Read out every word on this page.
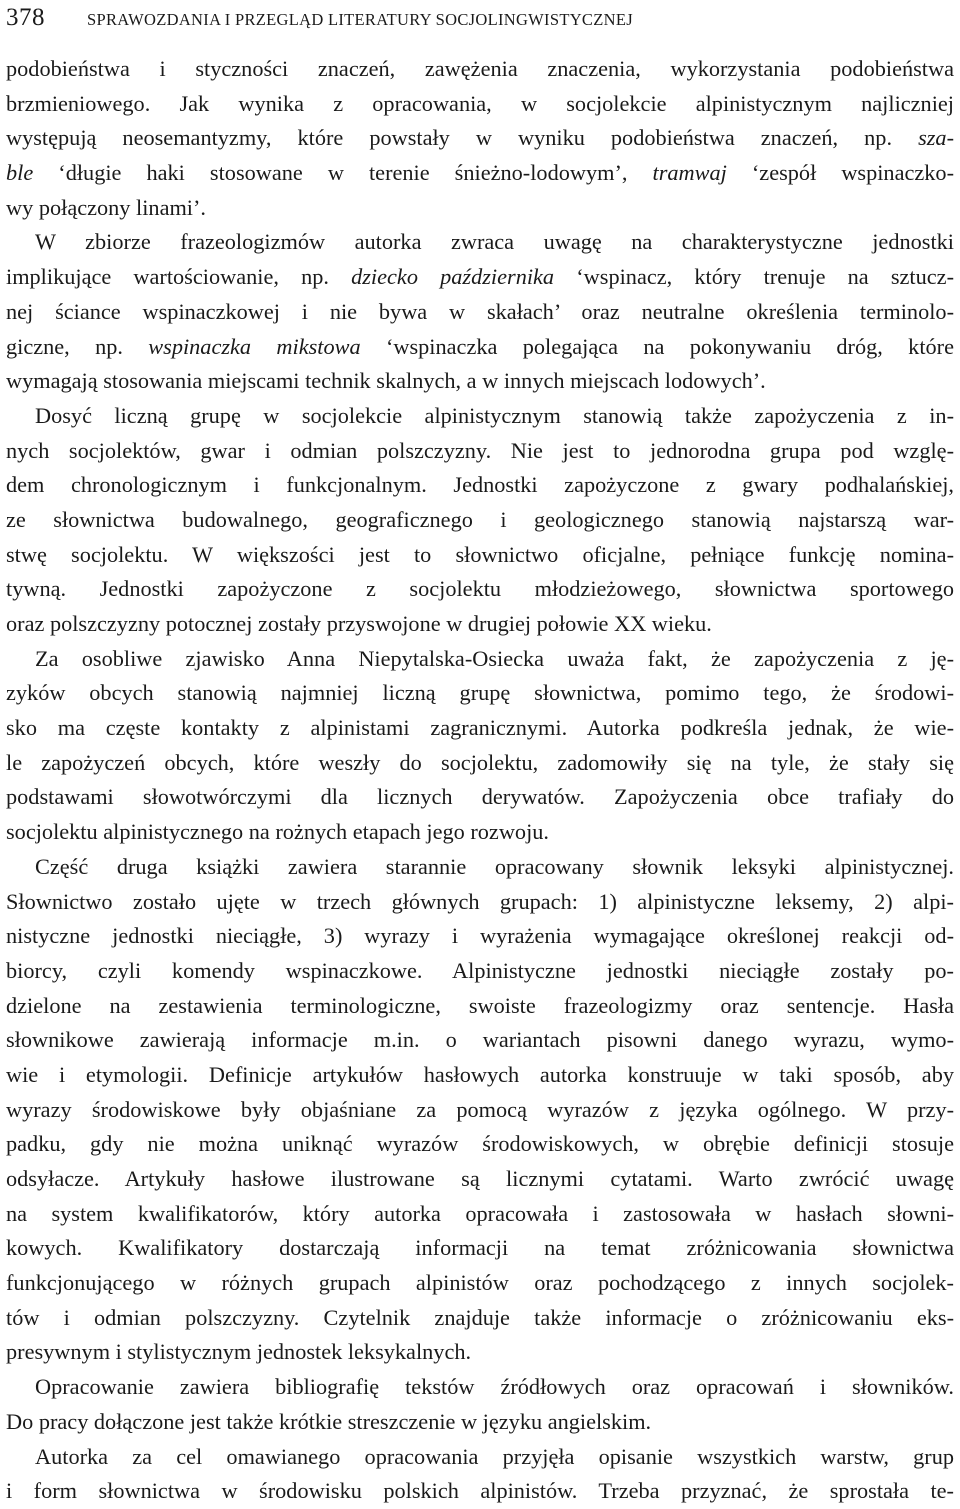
378	SPRAWOZDANIA I PRZEGLĄD LITERATURY SOCJOLINGWISTYCZNEJ
podobieństwa i styczności znaczeń, zawężenia znaczenia, wykorzystania podobieństwa
brzmieniowego. Jak wynika z opracowania, w socjolekcie alpinistycznym najliczniej
występują neosemantyzmy, które powstały w wyniku podobieństwa znaczeń, np. sza-
ble ‘długie haki stosowane w terenie śnieżno-lodowym’, tramwaj ‘zespół wspinaczko-
wy połączony linami’.
W zbiorze frazeologizmów autorka zwraca uwagę na charakterystyczne jednostki
implikujące wartościowanie, np. dziecko października ‘wspinacz, który trenuje na sztucz-
nej ściance wspinaczkowej i nie bywa w skałach’ oraz neutralne określenia terminolo-
giczne, np. wspinaczka mikstowa ‘wspinaczka polegająca na pokonywaniu dróg, które
wymagają stosowania miejscami technik skalnych, a w innych miejscach lodowych’.
Dosyć liczną grupę w socjolekcie alpinistycznym stanowią także zapożyczenia z in-
nych socjolektów, gwar i odmian polszczyzny. Nie jest to jednorodna grupa pod wzglę-
dem chronologicznym i funkcjonalnym. Jednostki zapożyczone z gwary podhalańskiej,
ze słownictwa budowalnego, geograficznego i geologicznego stanowią najstarszą war-
stwę socjolektu. W większości jest to słownictwo oficjalne, pełniące funkcję nomina-
tywną. Jednostki zapożyczone z socjolektu młodzieżowego, słownictwa sportowego
oraz polszczyzny potocznej zostały przyswojone w drugiej połowie XX wieku.
Za osobliwe zjawisko Anna Niepytalska-Osiecka uważa fakt, że zapożyczenia z ję-
zyków obcych stanowią najmniej liczną grupę słownictwa, pomimo tego, że środowi-
sko ma częste kontakty z alpinistami zagranicznymi. Autorka podkreśla jednak, że wie-
le zapożyczeń obcych, które weszły do socjolektu, zadomowiły się na tyle, że stały się
podstawami słowotwórczymi dla licznych derywatów. Zapożyczenia obce trafiały do
socjolektu alpinistycznego na rożnych etapach jego rozwoju.
Część druga książki zawiera starannie opracowany słownik leksyki alpinistycznej.
Słownictwo zostało ujęte w trzech głównych grupach: 1) alpinistyczne leksemy, 2) alpi-
nistyczne jednostki nieciągłe, 3) wyrazy i wyrażenia wymagające określonej reakcji od-
biorcy, czyli komendy wspinaczkowe. Alpinistyczne jednostki nieciągłe zostały po-
dzielone na zestawienia terminologiczne, swoiste frazeologizmy oraz sentencje. Hasła
słownikowe zawierają informacje m.in. o wariantach pisowni danego wyrazu, wymo-
wie i etymologii. Definicje artykułów hasłowych autorka konstruuje w taki sposób, aby
wyrazy środowiskowe były objaśniane za pomocą wyrazów z języka ogólnego. W przy-
padku, gdy nie można uniknąć wyrazów środowiskowych, w obrębie definicji stosuje
odsyłacze. Artykuły hasłowe ilustrowane są licznymi cytatami. Warto zwrócić uwagę
na system kwalifikatorów, który autorka opracowała i zastosowała w hasłach słowni-
kowych. Kwalifikatory dostarczają informacji na temat zróżnicowania słownictwa
funkcjonującego w różnych grupach alpinistów oraz pochodzącego z innych socjolek-
tów i odmian polszczyzny. Czytelnik znajduje także informacje o zróżnicowaniu eks-
presywnym i stylistycznym jednostek leksykalnych.
Opracowanie zawiera bibliografię tekstów źródłowych oraz opracowań i słowników.
Do pracy dołączone jest także krótkie streszczenie w języku angielskim.
Autorka za cel omawianego opracowania przyjęła opisanie wszystkich warstw, grup
i form słownictwa w środowisku polskich alpinistów. Trzeba przyznać, że sprostała te-
